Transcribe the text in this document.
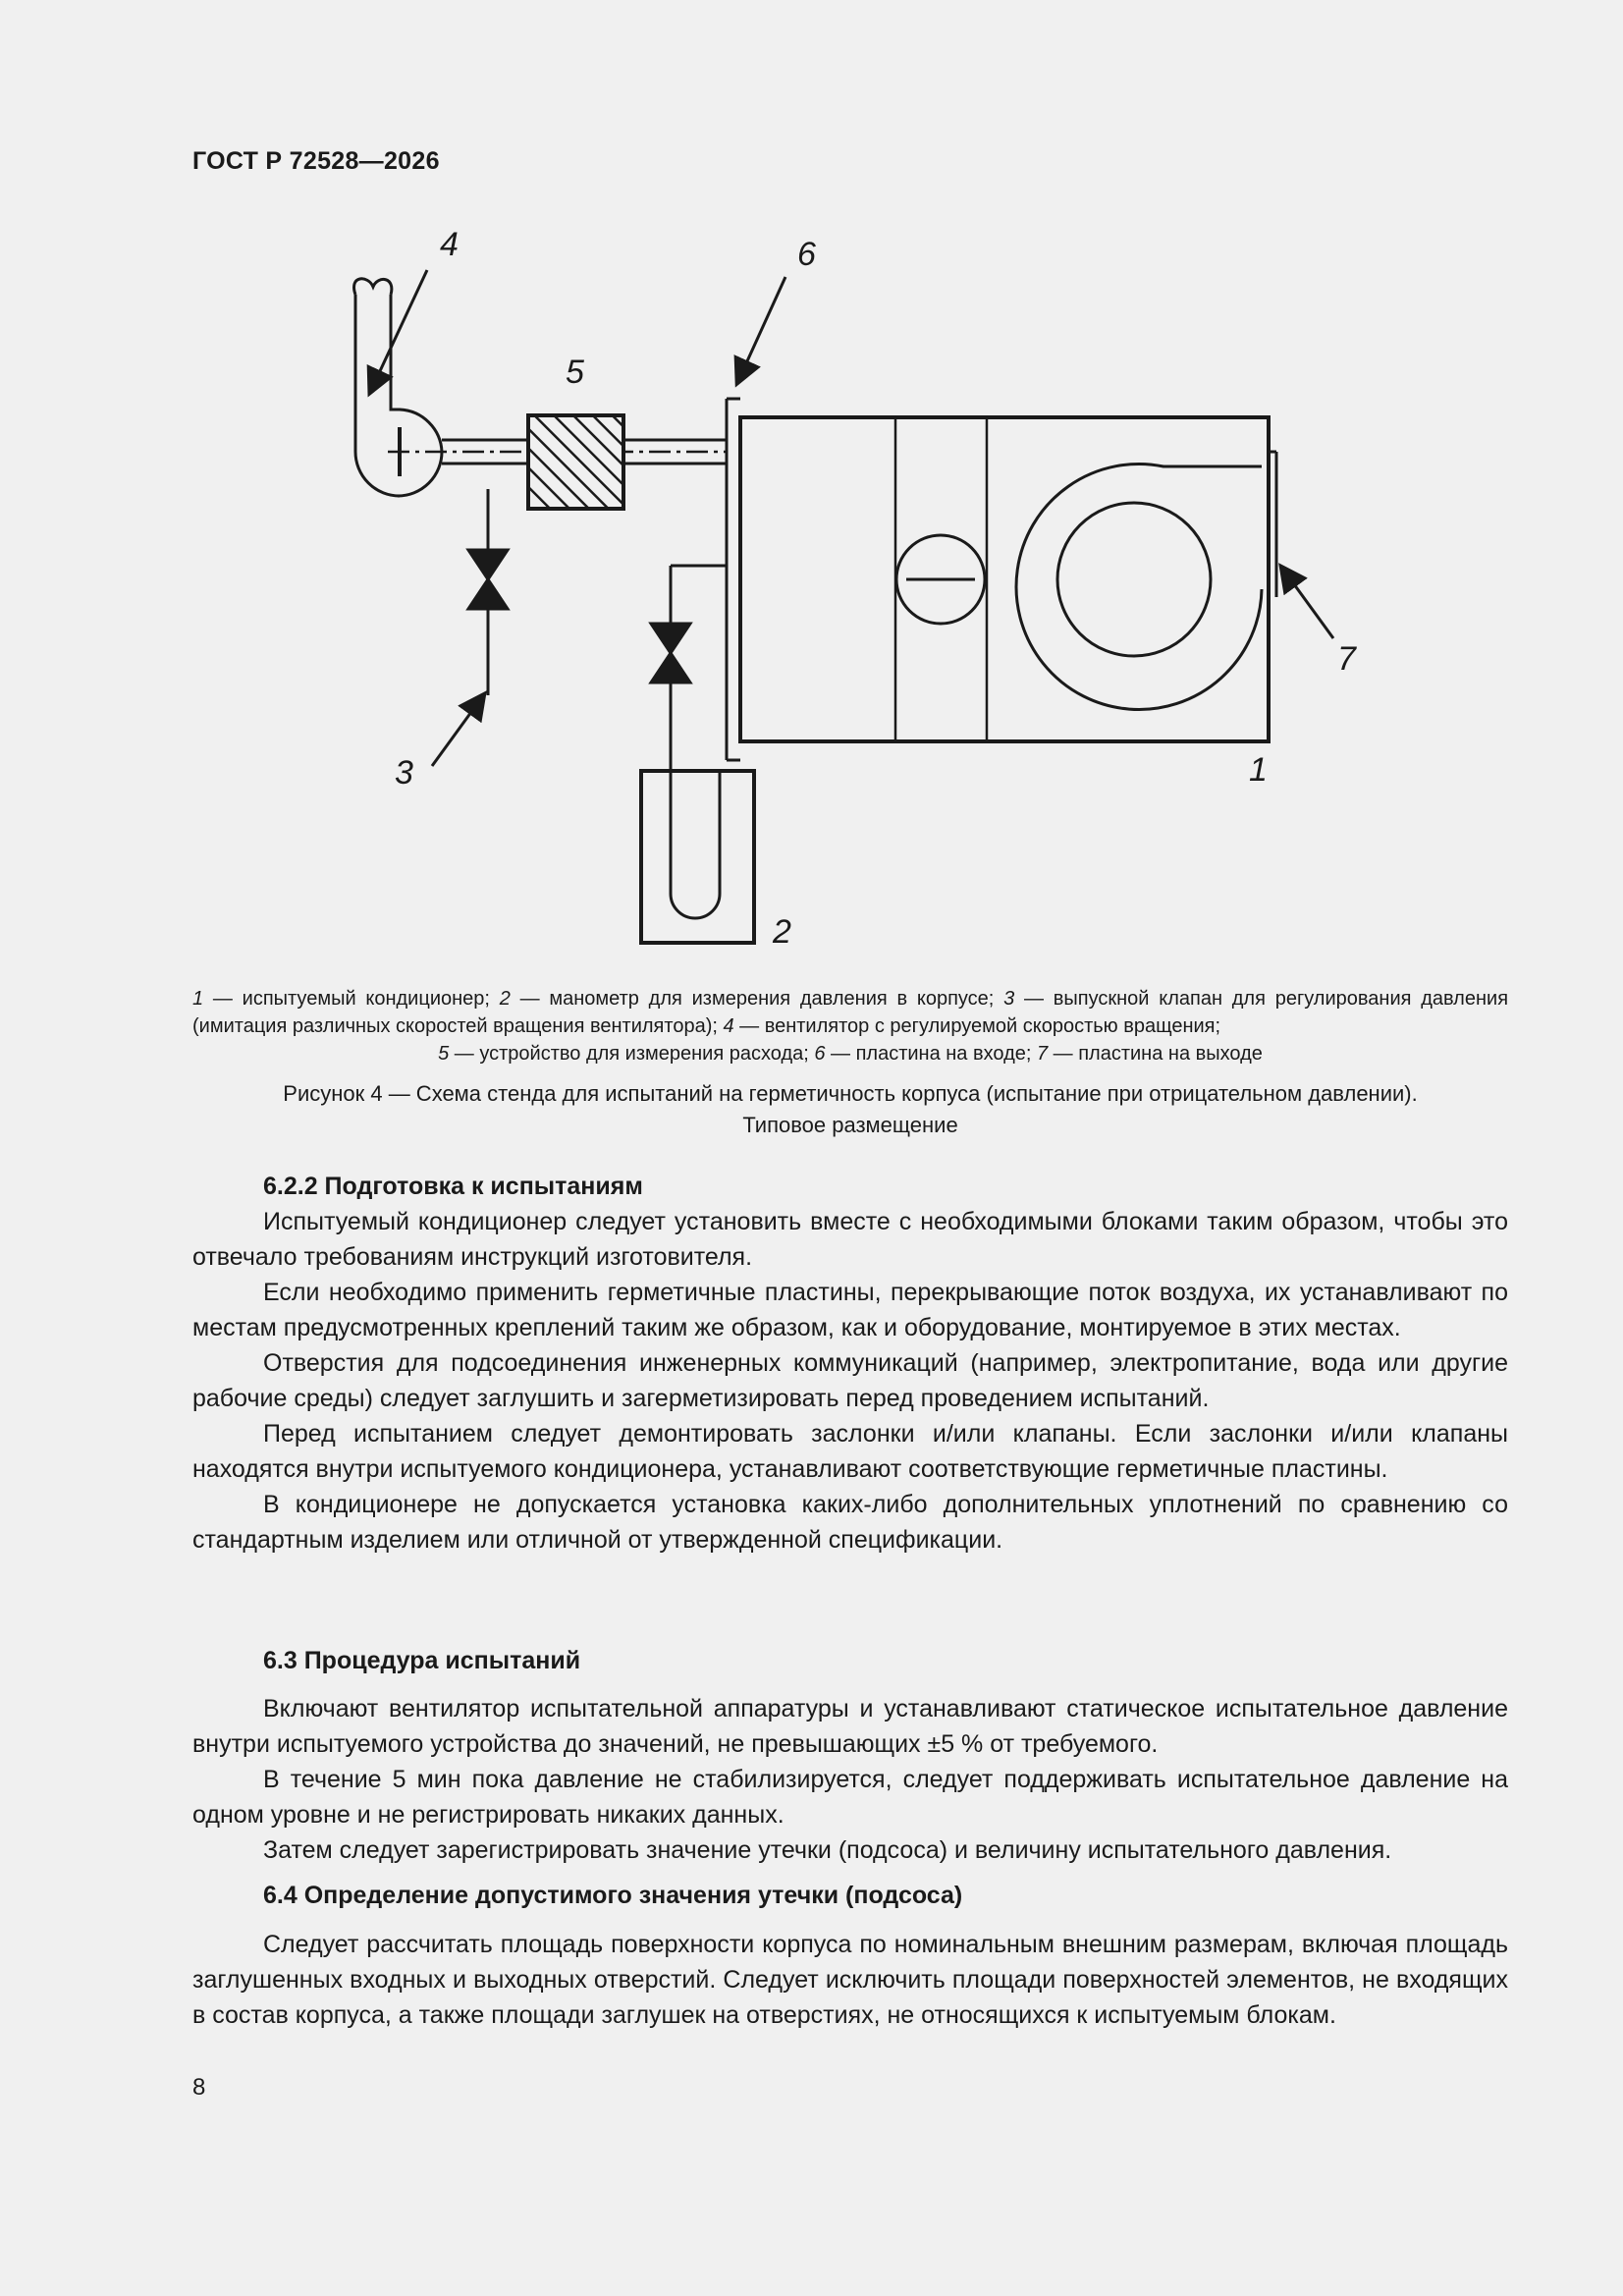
ГОСТ Р 72528—2026
4	6
5
7
3	1
2
1 — испытуемый кондиционер; 2 — манометр для измерения давления в корпусе; 3 — выпускной клапан для регулирования давления (имитация различных скоростей вращения вентилятора); 4 — вентилятор с регулируемой скоростью вращения;
5 — устройство для измерения расхода; 6 — пластина на входе; 7 — пластина на выходе
Рисунок 4 — Схема стенда для испытаний на герметичность корпуса (испытание при отрицательном давлении).
Типовое размещение
6.2.2 Подготовка к испытаниям

Испытуемый кондиционер следует установить вместе с необходимыми блоками таким образом, чтобы это отвечало требованиям инструкций изготовителя.

Если необходимо применить герметичные пластины, перекрывающие поток воздуха, их устанавливают по местам предусмотренных креплений таким же образом, как и оборудование, монтируемое в этих местах.

Отверстия для подсоединения инженерных коммуникаций (например, электропитание, вода или другие рабочие среды) следует заглушить и загерметизировать перед проведением испытаний.

Перед испытанием следует демонтировать заслонки и/или клапаны. Если заслонки и/или клапаны находятся внутри испытуемого кондиционера, устанавливают соответствующие герметичные пластины.

В кондиционере не допускается установка каких-либо дополнительных уплотнений по сравнению со стандартным изделием или отличной от утвержденной спецификации.

6.3 Процедура испытаний

Включают вентилятор испытательной аппаратуры и устанавливают статическое испытательное давление внутри испытуемого устройства до значений, не превышающих ±5 % от требуемого.

В течение 5 мин пока давление не стабилизируется, следует поддерживать испытательное давление на одном уровне и не регистрировать никаких данных.

Затем следует зарегистрировать значение утечки (подсоса) и величину испытательного давления.

6.4 Определение допустимого значения утечки (подсоса)

Следует рассчитать площадь поверхности корпуса по номинальным внешним размерам, включая площадь заглушенных входных и выходных отверстий. Следует исключить площади поверхностей элементов, не входящих в состав корпуса, а также площади заглушек на отверстиях, не относящихся к испытуемым блокам.

8
